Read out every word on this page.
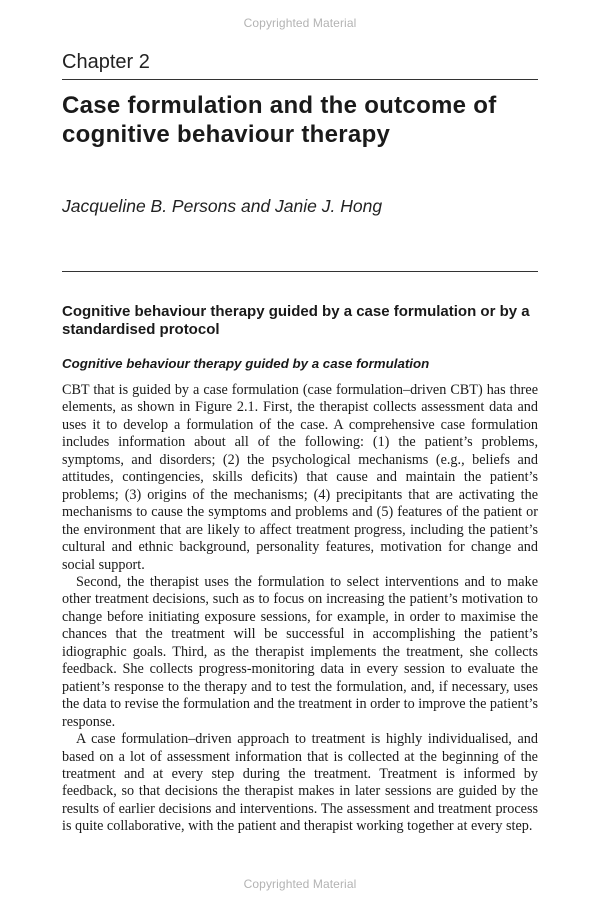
Copyrighted Material
Chapter 2
Case formulation and the outcome of cognitive behaviour therapy
Jacqueline B. Persons and Janie J. Hong
Cognitive behaviour therapy guided by a case formulation or by a standardised protocol
Cognitive behaviour therapy guided by a case formulation

CBT that is guided by a case formulation (case formulation–driven CBT) has three elements, as shown in Figure 2.1. First, the therapist collects assessment data and uses it to develop a formulation of the case. A comprehensive case formulation includes information about all of the following: (1) the patient’s problems, symptoms, and disorders; (2) the psychological mechanisms (e.g., beliefs and attitudes, contingencies, skills deficits) that cause and maintain the patient’s problems; (3) origins of the mechanisms; (4) precipitants that are activating the mechanisms to cause the symptoms and problems and (5) features of the patient or the environment that are likely to affect treatment progress, including the patient’s cultural and ethnic background, personality features, motivation for change and social support.

Second, the therapist uses the formulation to select interventions and to make other treatment decisions, such as to focus on increasing the patient’s motivation to change before initiating exposure sessions, for example, in order to maximise the chances that the treatment will be successful in accomplishing the patient’s idiographic goals. Third, as the therapist implements the treatment, she collects feedback. She collects progress-monitoring data in every session to evaluate the patient’s response to the therapy and to test the formulation, and, if necessary, uses the data to revise the formulation and the treatment in order to improve the patient’s response.

A case formulation–driven approach to treatment is highly individualised, and based on a lot of assessment information that is collected at the beginning of the treatment and at every step during the treatment. Treatment is informed by feedback, so that decisions the therapist makes in later sessions are guided by the results of earlier decisions and interventions. The assessment and treatment process is quite collaborative, with the patient and therapist working together at every step.

Copyrighted Material
